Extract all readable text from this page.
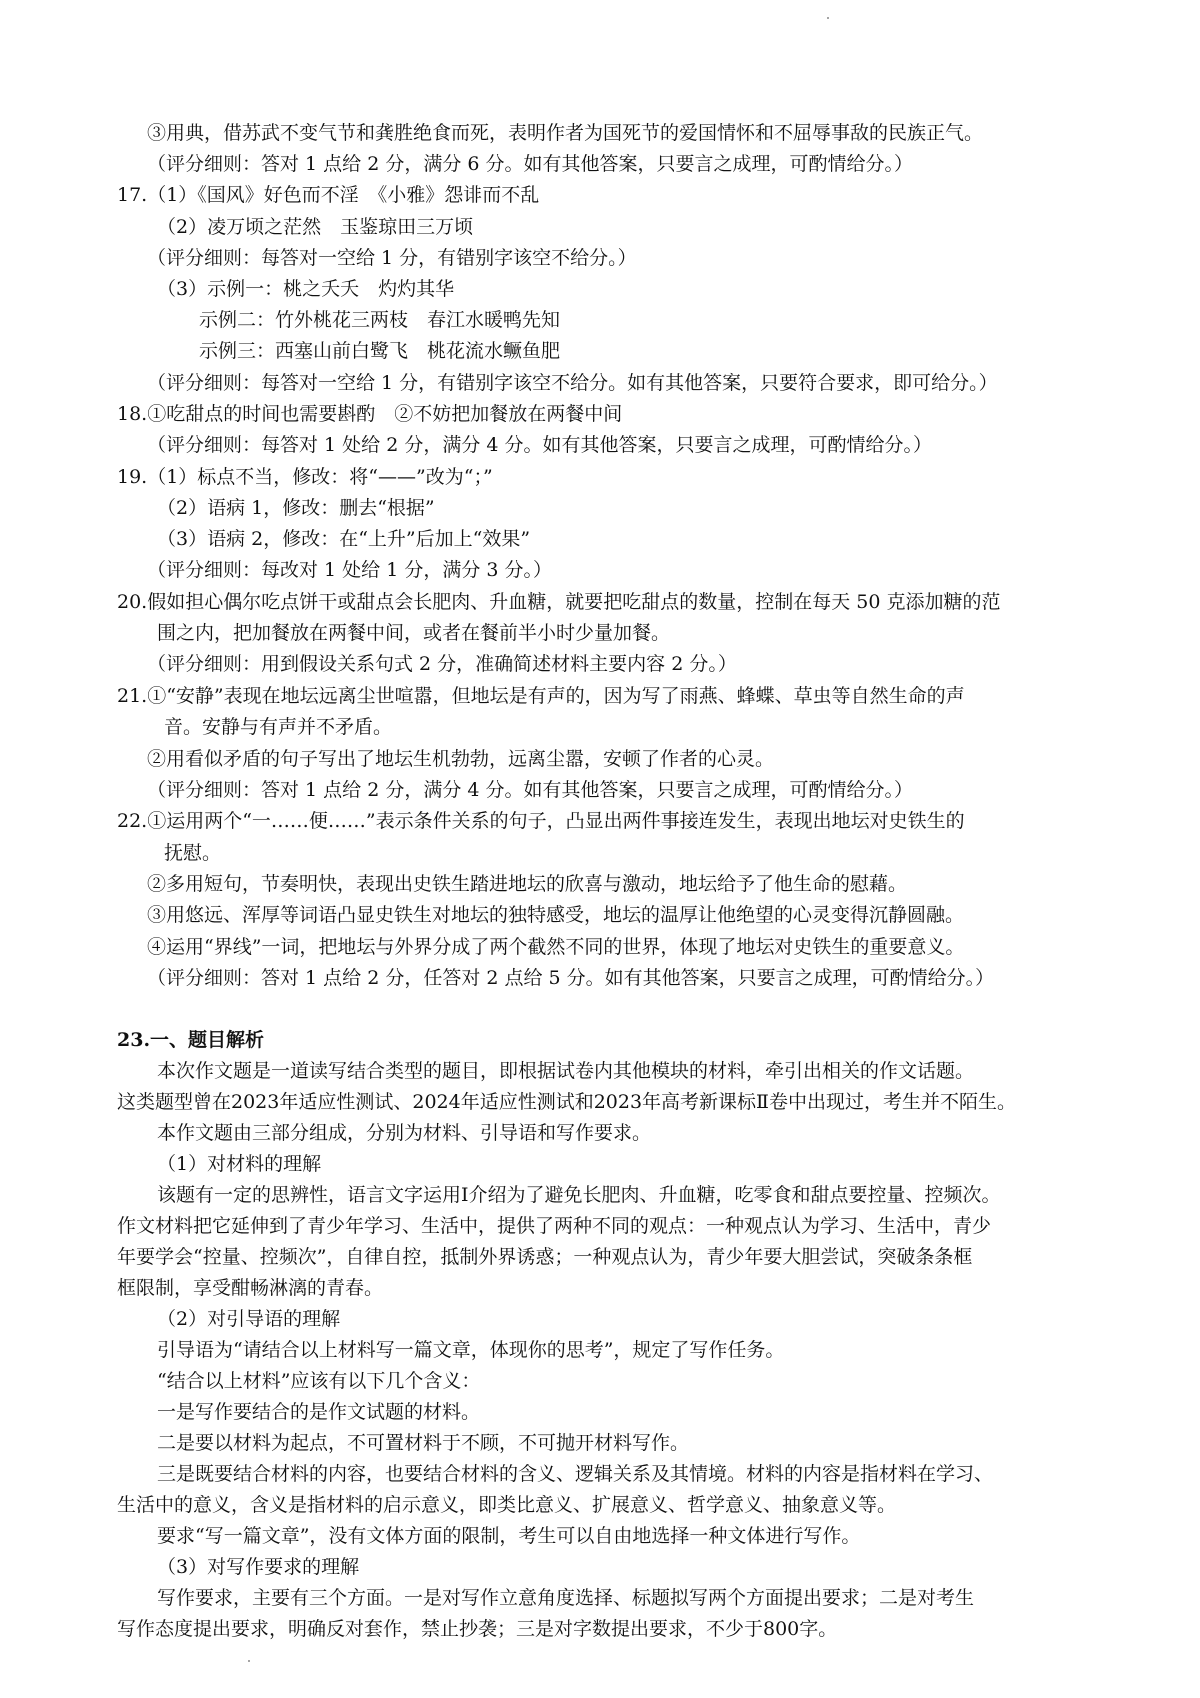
③用典，借苏武不变气节和龚胜绝食而死，表明作者为国死节的爱国情怀和不屈辱事敌的民族正气。
（评分细则：答对 1 点给 2 分，满分 6 分。如有其他答案，只要言之成理，可酌情给分。）
17.（1）《国风》好色而不淫　《小雅》怨诽而不乱
（2）凌万顷之茫然　玉鉴琼田三万顷
（评分细则：每答对一空给 1 分，有错别字该空不给分。）
（3）示例一：桃之夭夭　灼灼其华
示例二：竹外桃花三两枝　春江水暖鸭先知
示例三：西塞山前白鹭飞　桃花流水鳜鱼肥
（评分细则：每答对一空给 1 分，有错别字该空不给分。如有其他答案，只要符合要求，即可给分。）
18.①吃甜点的时间也需要斟酌　②不妨把加餐放在两餐中间
（评分细则：每答对 1 处给 2 分，满分 4 分。如有其他答案，只要言之成理，可酌情给分。）
19.（1）标点不当，修改：将“——”改为“；”
（2）语病 1，修改：删去“根据”
（3）语病 2，修改：在“上升”后加上“效果”
（评分细则：每改对 1 处给 1 分，满分 3 分。）
20.假如担心偶尔吃点饼干或甜点会长肥肉、升血糖，就要把吃甜点的数量，控制在每天 50 克添加糖的范
围之内，把加餐放在两餐中间，或者在餐前半小时少量加餐。
（评分细则：用到假设关系句式 2 分，准确简述材料主要内容 2 分。）
21.①“安静”表现在地坛远离尘世喧嚣，但地坛是有声的，因为写了雨燕、蜂蝶、草虫等自然生命的声
音。安静与有声并不矛盾。
②用看似矛盾的句子写出了地坛生机勃勃，远离尘嚣，安顿了作者的心灵。
（评分细则：答对 1 点给 2 分，满分 4 分。如有其他答案，只要言之成理，可酌情给分。）
22.①运用两个“一……便……”表示条件关系的句子，凸显出两件事接连发生，表现出地坛对史铁生的
抚慰。
②多用短句，节奏明快，表现出史铁生踏进地坛的欣喜与激动，地坛给予了他生命的慰藉。
③用悠远、浑厚等词语凸显史铁生对地坛的独特感受，地坛的温厚让他绝望的心灵变得沉静圆融。
④运用“界线”一词，把地坛与外界分成了两个截然不同的世界，体现了地坛对史铁生的重要意义。
（评分细则：答对 1 点给 2 分，任答对 2 点给 5 分。如有其他答案，只要言之成理，可酌情给分。）
23.一、题目解析
本次作文题是一道读写结合类型的题目，即根据试卷内其他模块的材料，牵引出相关的作文话题。
这类题型曾在2023年适应性测试、2024年适应性测试和2023年高考新课标Ⅱ卷中出现过，考生并不陌生。
本作文题由三部分组成，分别为材料、引导语和写作要求。
（1）对材料的理解
该题有一定的思辨性，语言文字运用Ⅰ介绍为了避免长肥肉、升血糖，吃零食和甜点要控量、控频次。
作文材料把它延伸到了青少年学习、生活中，提供了两种不同的观点：一种观点认为学习、生活中，青少
年要学会“控量、控频次”，自律自控，抵制外界诱惑；一种观点认为，青少年要大胆尝试，突破条条框
框限制，享受酣畅淋漓的青春。
（2）对引导语的理解
引导语为“请结合以上材料写一篇文章，体现你的思考”，规定了写作任务。
“结合以上材料”应该有以下几个含义：
一是写作要结合的是作文试题的材料。
二是要以材料为起点，不可置材料于不顾，不可抛开材料写作。
三是既要结合材料的内容，也要结合材料的含义、逻辑关系及其情境。材料的内容是指材料在学习、
生活中的意义，含义是指材料的启示意义，即类比意义、扩展意义、哲学意义、抽象意义等。
要求“写一篇文章”，没有文体方面的限制，考生可以自由地选择一种文体进行写作。
（3）对写作要求的理解
写作要求，主要有三个方面。一是对写作立意角度选择、标题拟写两个方面提出要求；二是对考生
写作态度提出要求，明确反对套作，禁止抄袭；三是对字数提出要求，不少于800字。
